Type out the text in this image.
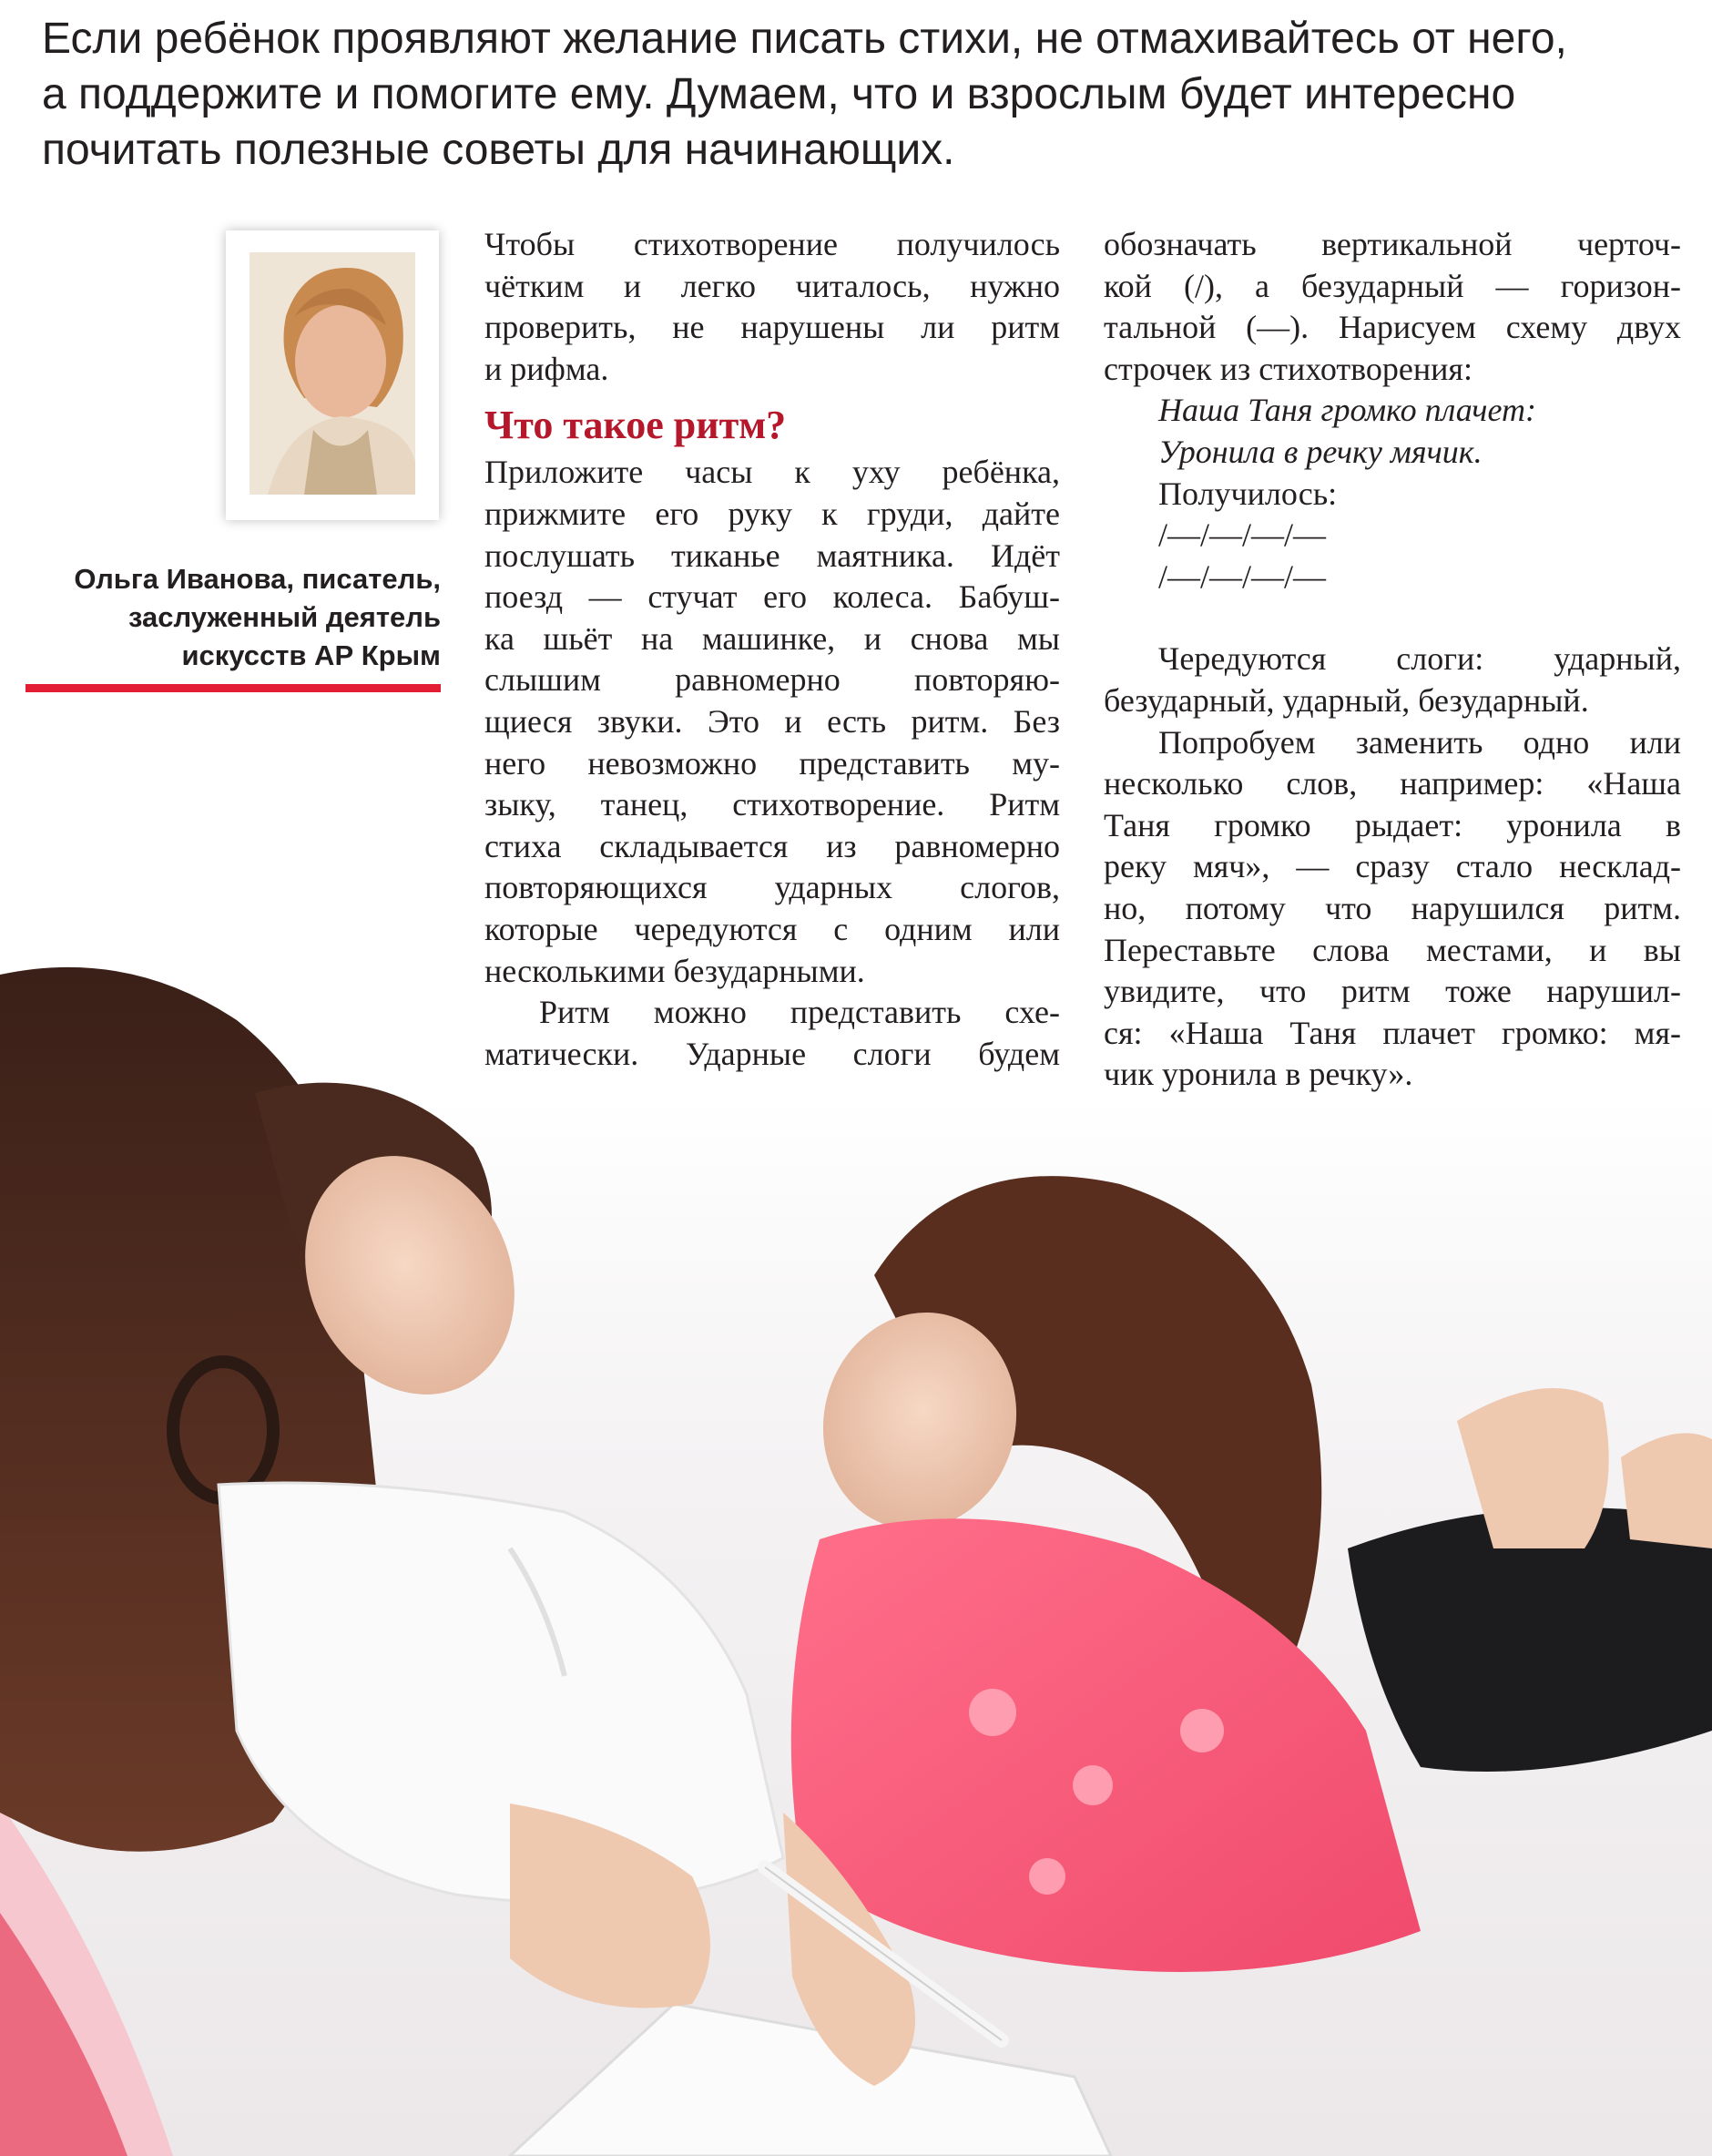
Если ребёнок проявляют желание писать стихи, не отмахивайтесь от него,
а поддержите и помогите ему. Думаем, что и взрослым будет интересно
почитать полезные советы для начинающих.
Ольга Иванова, писатель,
заслуженный деятель
искусств АР Крым
Чтобы стихотворение получилось
чётким и легко читалось, нужно
проверить, не нарушены ли ритм
и рифма.
Что такое ритм?
Приложите часы к уху ребёнка,
прижмите его руку к груди, дайте
послушать тиканье маятника. Идёт
поезд — стучат его колеса. Бабуш-
ка шьёт на машинке, и снова мы
слышим равномерно повторяю-
щиеся звуки. Это и есть ритм. Без
него невозможно представить му-
зыку, танец, стихотворение. Ритм
стиха складывается из равномерно
повторяющихся ударных слогов,
которые чередуются с одним или
несколькими безударными.
Ритм можно представить схе-
матически. Ударные слоги будем
обозначать вертикальной черточ-
кой (/), а безударный — горизон-
тальной (—). Нарисуем схему двух
строчек из стихотворения:
Наша Таня громко плачет:
Уронила в речку мячик.
Получилось:
/—/—/—/—
/—/—/—/—
Чередуются слоги: ударный,
безударный, ударный, безударный.
Попробуем заменить одно или
несколько слов, например: «Наша
Таня громко рыдает: уронила в
реку мяч», — сразу стало несклад-
но, потому что нарушился ритм.
Переставьте слова местами, и вы
увидите, что ритм тоже нарушил-
ся: «Наша Таня плачет громко: мя-
чик уронила в речку».
